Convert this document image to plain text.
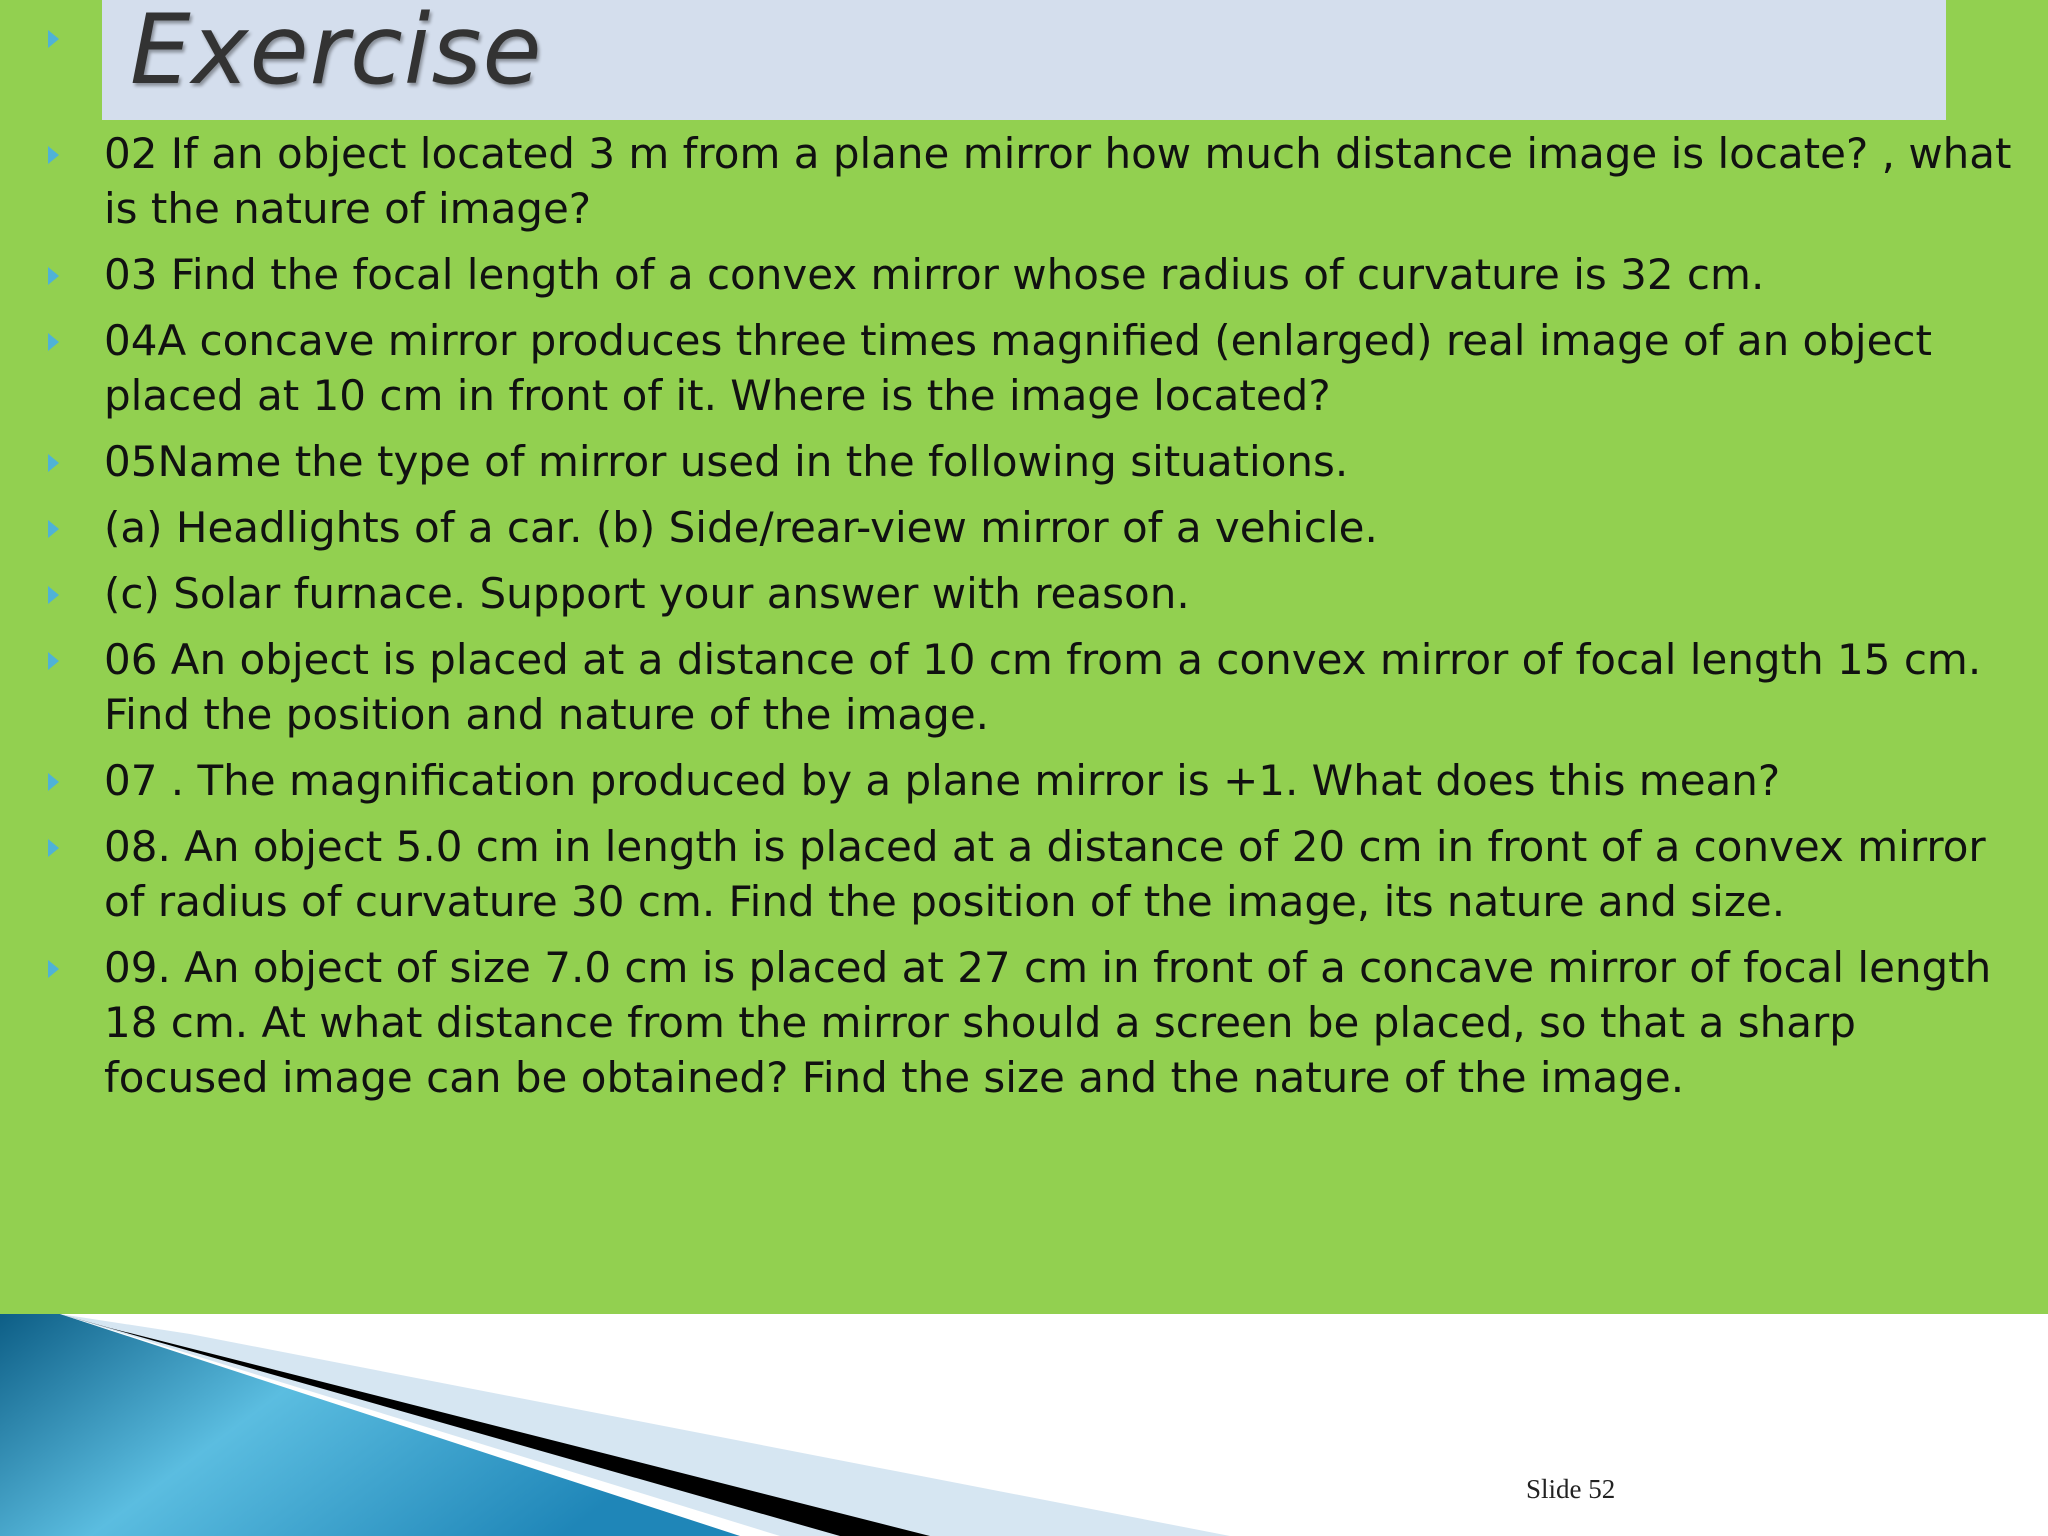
Exercise
02 If an object located 3 m from a plane mirror how much distance image is locate? , what is the nature of image?
03 Find the focal length of a convex mirror whose radius of curvature is 32 cm.
04A concave mirror produces three times magnified (enlarged) real image of an object placed at 10 cm in front of it. Where is the image located?
05Name the type of mirror used in the following situations.
(a) Headlights of a car. (b) Side/rear-view mirror of a vehicle.
(c) Solar furnace. Support your answer with reason.
06 An object is placed at a distance of 10 cm from a convex mirror of focal length 15 cm. Find the position and nature of the image.
07 . The magnification produced by a plane mirror is +1. What does this mean?
08. An object 5.0 cm in length is placed at a distance of 20 cm in front of a convex mirror of radius of curvature 30 cm. Find the position of the image, its nature and size.
09. An object of size 7.0 cm is placed at 27 cm in front of a concave mirror of focal length 18 cm. At what distance from the mirror should a screen be placed, so that a sharp focused image can be obtained? Find the size and the nature of the image.
Slide 52
